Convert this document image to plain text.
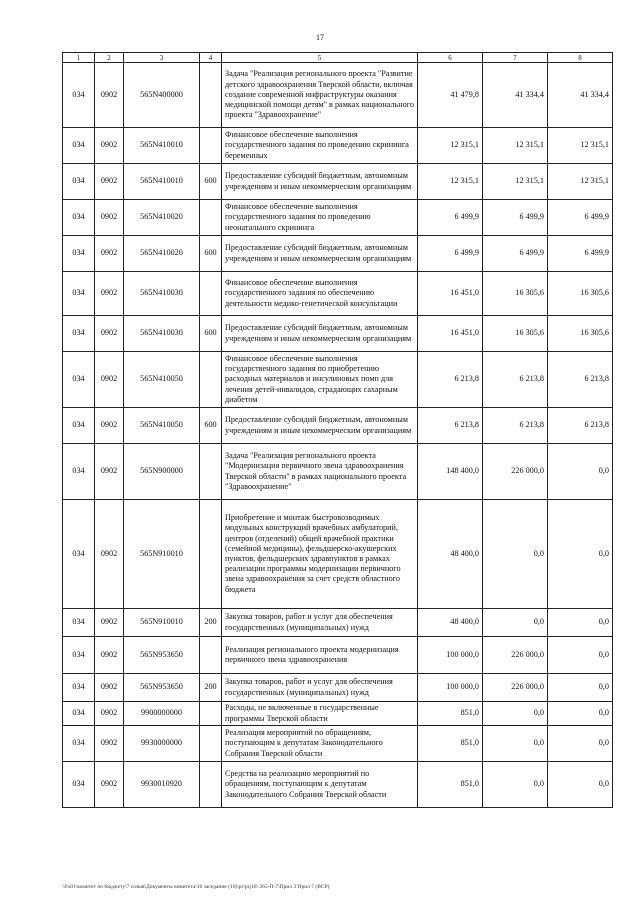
17
1	2	3	4	5	6	7	8
034	0902	565N400000		Задача "Реализация регионального проекта "Развитие детского здравоохранения Тверской области, включая создание современной инфраструктуры оказания медицинской помощи детям" в рамках национального проекта "Здравоохранение"	41 479,8	41 334,4	41 334,4
034	0902	565N410010		Финансовое обеспечение выполнения государственного задания по проведению скрининга беременных	12 315,1	12 315,1	12 315,1
034	0902	565N410010	600	Предоставление субсидий бюджетным, автономным учреждениям и иным некоммерческим организациям	12 315,1	12 315,1	12 315,1
034	0902	565N410020		Финансовое обеспечение выполнения государственного задания по проведению неонатального скрининга	6 499,9	6 499,9	6 499,9
034	0902	565N410020	600	Предоставление субсидий бюджетным, автономным учреждениям и иным некоммерческим организациям	6 499,9	6 499,9	6 499,9
034	0902	565N410030		Финансовое обеспечение выполнения государственного задания по обеспечению деятельности медико-генетической консультации	16 451,0	16 305,6	16 305,6
034	0902	565N410030	600	Предоставление субсидий бюджетным, автономным учреждениям и иным некоммерческим организациям	16 451,0	16 305,6	16 305,6
034	0902	565N410050		Финансовое обеспечение выполнения государственного задания по приобретению расходных материалов и инсулиновых помп для лечения детей-инвалидов, страдающих сахарным диабетом	6 213,8	6 213,8	6 213,8
034	0902	565N410050	600	Предоставление субсидий бюджетным, автономным учреждениям и иным некоммерческим организациям	6 213,8	6 213,8	6 213,8
034	0902	565N900000		Задача "Реализация регионального проекта "Модернизация первичного звена здравоохранения Тверской области" в рамках национального проекта "Здравоохранение"	148 400,0	226 000,0	0,0
034	0902	565N910010		Приобретение и монтаж быстровозводимых модульных конструкций врачебных амбулаторий, центров (отделений) общей врачебной практики (семейной медицины), фельдшерско-акушерских пунктов, фельдшерских здравпунктов в рамках реализации программы модернизации первичного звена здравоохранения за счет средств областного бюджета	48 400,0	0,0	0,0
034	0902	565N910010	200	Закупка товаров, работ и услуг для обеспечения государственных (муниципальных) нужд	48 400,0	0,0	0,0
034	0902	565N953650		Реализация регионального проекта модернизация первичного звена здравоохранения	100 000,0	226 000,0	0,0
034	0902	565N953650	200	Закупка товаров, работ и услуг для обеспечения государственных (муниципальных) нужд	100 000,0	226 000,0	0,0
034	0902	9900000000		Расходы, не включенные в государственные программы Тверской области	851,0	0,0	0,0
034	0902	9930000000		Реализация мероприятий по обращениям, поступающим к депутатам Законодательного Собрания Тверской области	851,0	0,0	0,0
034	0902	9930010920		Средства на реализацию мероприятий по обращениям, поступающим к депутатам Законодательного Собрания Тверской области	851,0	0,0	0,0
\\Fs01\комитет по бюджету\7 созыв\Документы комитета\16 заседание (10)\pr\prj16\ 265-П-7\Прил 3 Прил 7 (ВСР)
